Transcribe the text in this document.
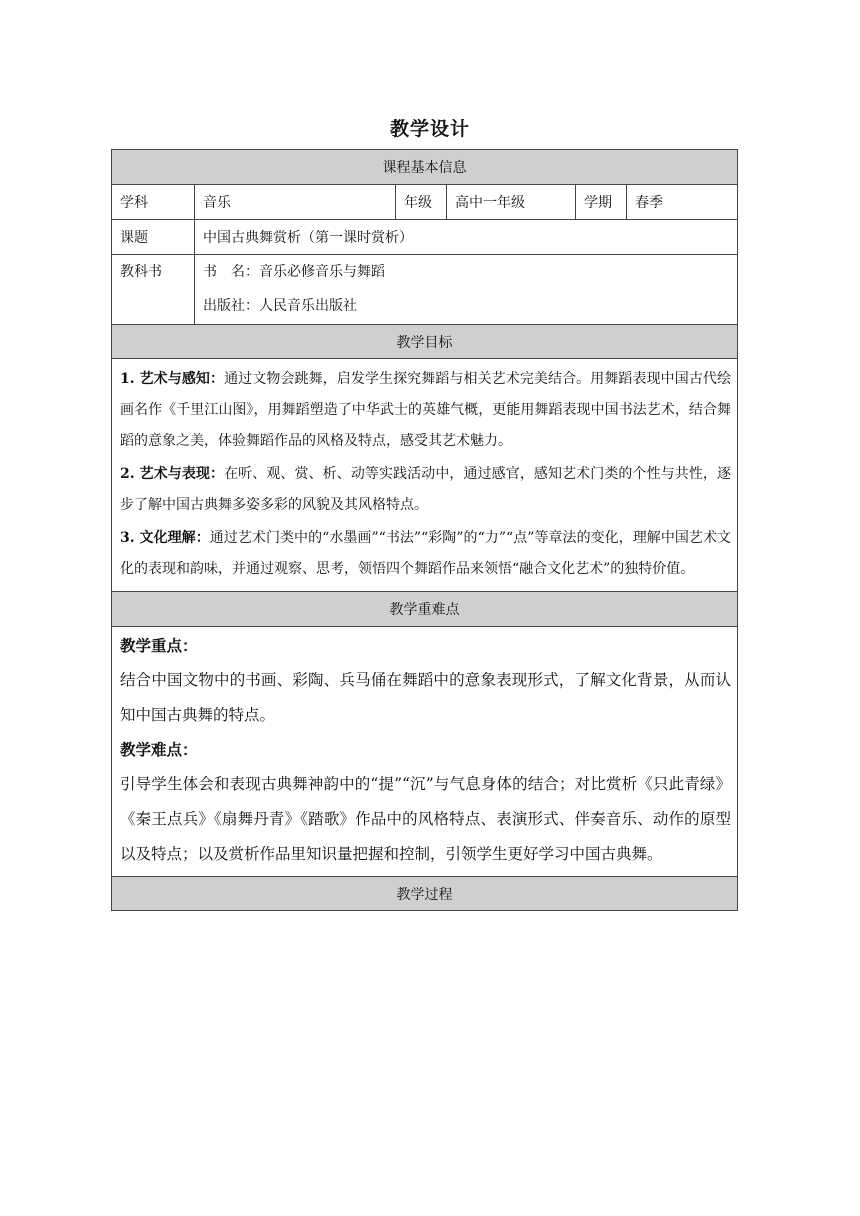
教学设计
课程基本信息					
学科	音乐	年级	高中一年级	学期	春季
课题	中国古典舞赏析（第一课时赏析）				

教科书	书　名：音乐必修音乐与舞蹈
出版社：人民音乐出版社				

教学目标					

1. 艺术与感知：通过文物会跳舞，启发学生探究舞蹈与相关艺术完美结合。用舞蹈表现中国古代绘画名作《千里江山图》，用舞蹈塑造了中华武士的英雄气概，更能用舞蹈表现中国书法艺术，结合舞蹈的意象之美，体验舞蹈作品的风格及特点，感受其艺术魅力。

2. 艺术与表现：在听、观、赏、析、动等实践活动中，通过感官，感知艺术门类的个性与共性，逐步了解中国古典舞多姿多彩的风貌及其风格特点。

3. 文化理解：通过艺术门类中的“水墨画”“书法”“彩陶”的“力”“点”等章法的变化，理解中国艺术文化的表现和韵味，并通过观察、思考，领悟四个舞蹈作品来领悟“融合文化艺术”的独特价值。					

教学重难点					

教学重点：

结合中国文物中的书画、彩陶、兵马俑在舞蹈中的意象表现形式，了解文化背景，从而认知中国古典舞的特点。

教学难点：

引导学生体会和表现古典舞神韵中的“提”“沉”与气息身体的结合；对比赏析《只此青绿》《秦王点兵》《扇舞丹青》《踏歌》作品中的风格特点、表演形式、伴奏音乐、动作的原型以及特点；以及赏析作品里知识量把握和控制，引领学生更好学习中国古典舞。					

教学过程					
